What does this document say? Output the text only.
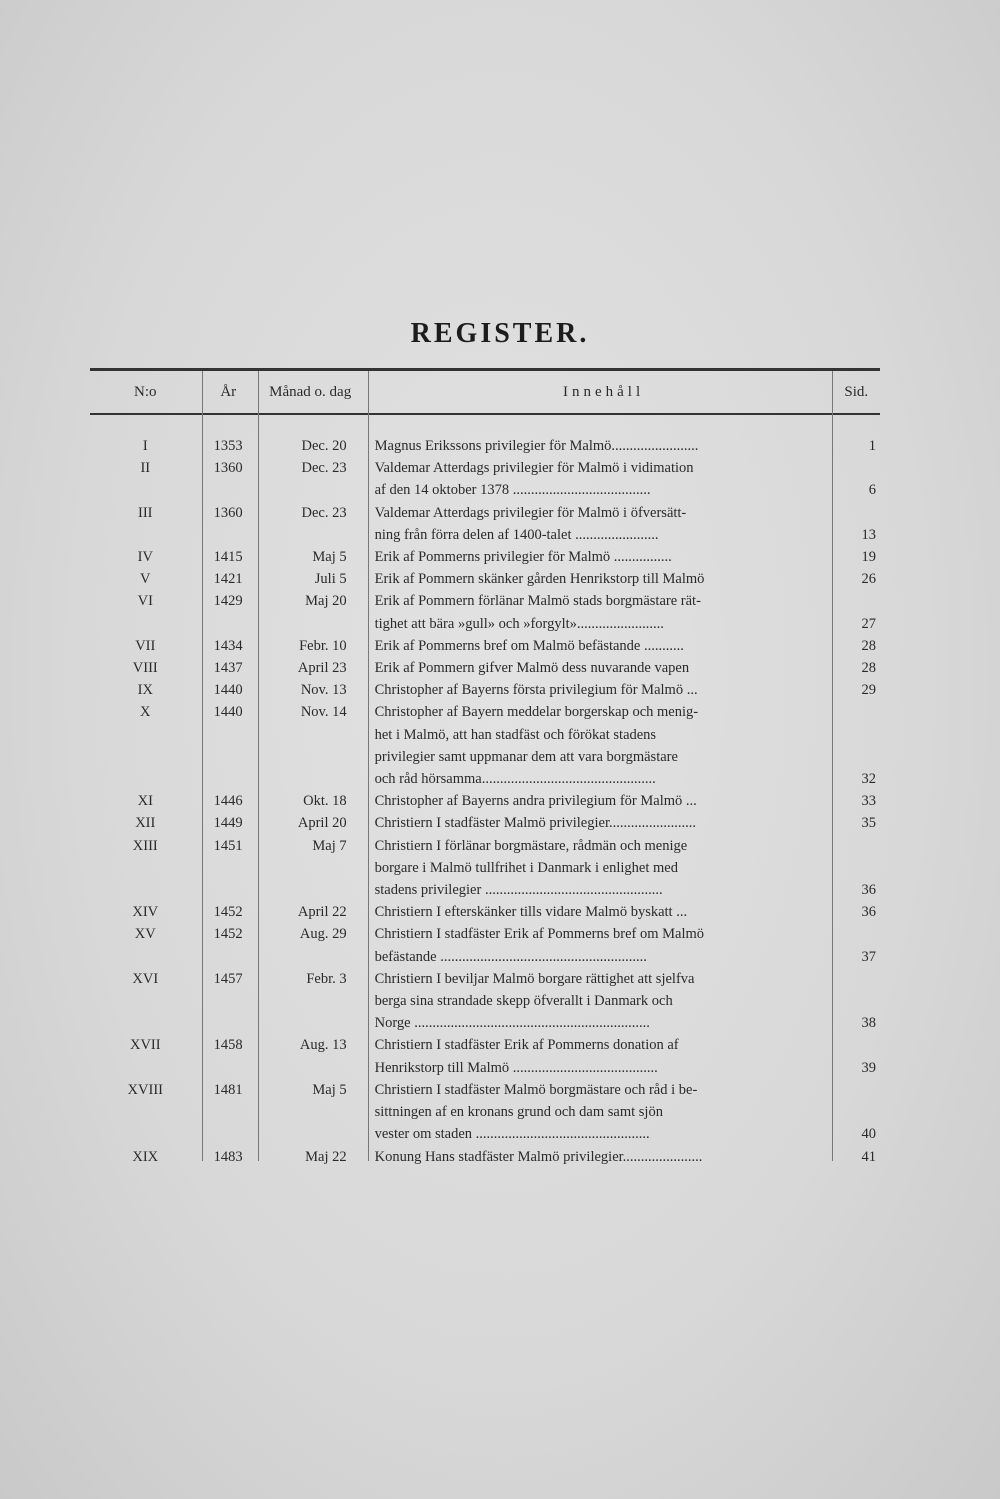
REGISTER.
N:o	År	Månad o. dag	Innehåll	Sid.
I	1353	Dec. 20	Magnus Erikssons privilegier för Malmö........................	1
II	1360	Dec. 23	Valdemar Atterdags privilegier för Malmö i vidimation
af den 14 oktober 1378 ......................................	6
III	1360	Dec. 23	Valdemar Atterdags privilegier för Malmö i öfversätt-
ning från förra delen af 1400-talet .......................	13
IV	1415	Maj 5	Erik af Pommerns privilegier för Malmö ................	19
V	1421	Juli 5	Erik af Pommern skänker gården Henrikstorp till Malmö	26
VI	1429	Maj 20	Erik af Pommern förlänar Malmö stads borgmästare rät-
tighet att bära »gull» och »forgylt»........................	27
VII	1434	Febr. 10	Erik af Pommerns bref om Malmö befästande ...........	28
VIII	1437	April 23	Erik af Pommern gifver Malmö dess nuvarande vapen	28
IX	1440	Nov. 13	Christopher af Bayerns första privilegium för Malmö ...	29
X	1440	Nov. 14	Christopher af Bayern meddelar borgerskap och menig-
het i Malmö, att han stadfäst och förökat stadens
privilegier samt uppmanar dem att vara borgmästare
och råd hörsamma................................................	32
XI	1446	Okt. 18	Christopher af Bayerns andra privilegium för Malmö ...	33
XII	1449	April 20	Christiern I stadfäster Malmö privilegier........................	35
XIII	1451	Maj 7	Christiern I förlänar borgmästare, rådmän och menige
borgare i Malmö tullfrihet i Danmark i enlighet med
stadens privilegier .................................................	36
XIV	1452	April 22	Christiern I efterskänker tills vidare Malmö byskatt ...	36
XV	1452	Aug. 29	Christiern I stadfäster Erik af Pommerns bref om Malmö
befästande .........................................................	37
XVI	1457	Febr. 3	Christiern I beviljar Malmö borgare rättighet att sjelfva
berga sina strandade skepp öfverallt i Danmark och
Norge .................................................................	38
XVII	1458	Aug. 13	Christiern I stadfäster Erik af Pommerns donation af
Henrikstorp till Malmö ........................................	39
XVIII	1481	Maj 5	Christiern I stadfäster Malmö borgmästare och råd i be-
sittningen af en kronans grund och dam samt sjön
vester om staden ................................................	40
XIX	1483	Maj 22	Konung Hans stadfäster Malmö privilegier......................	41
